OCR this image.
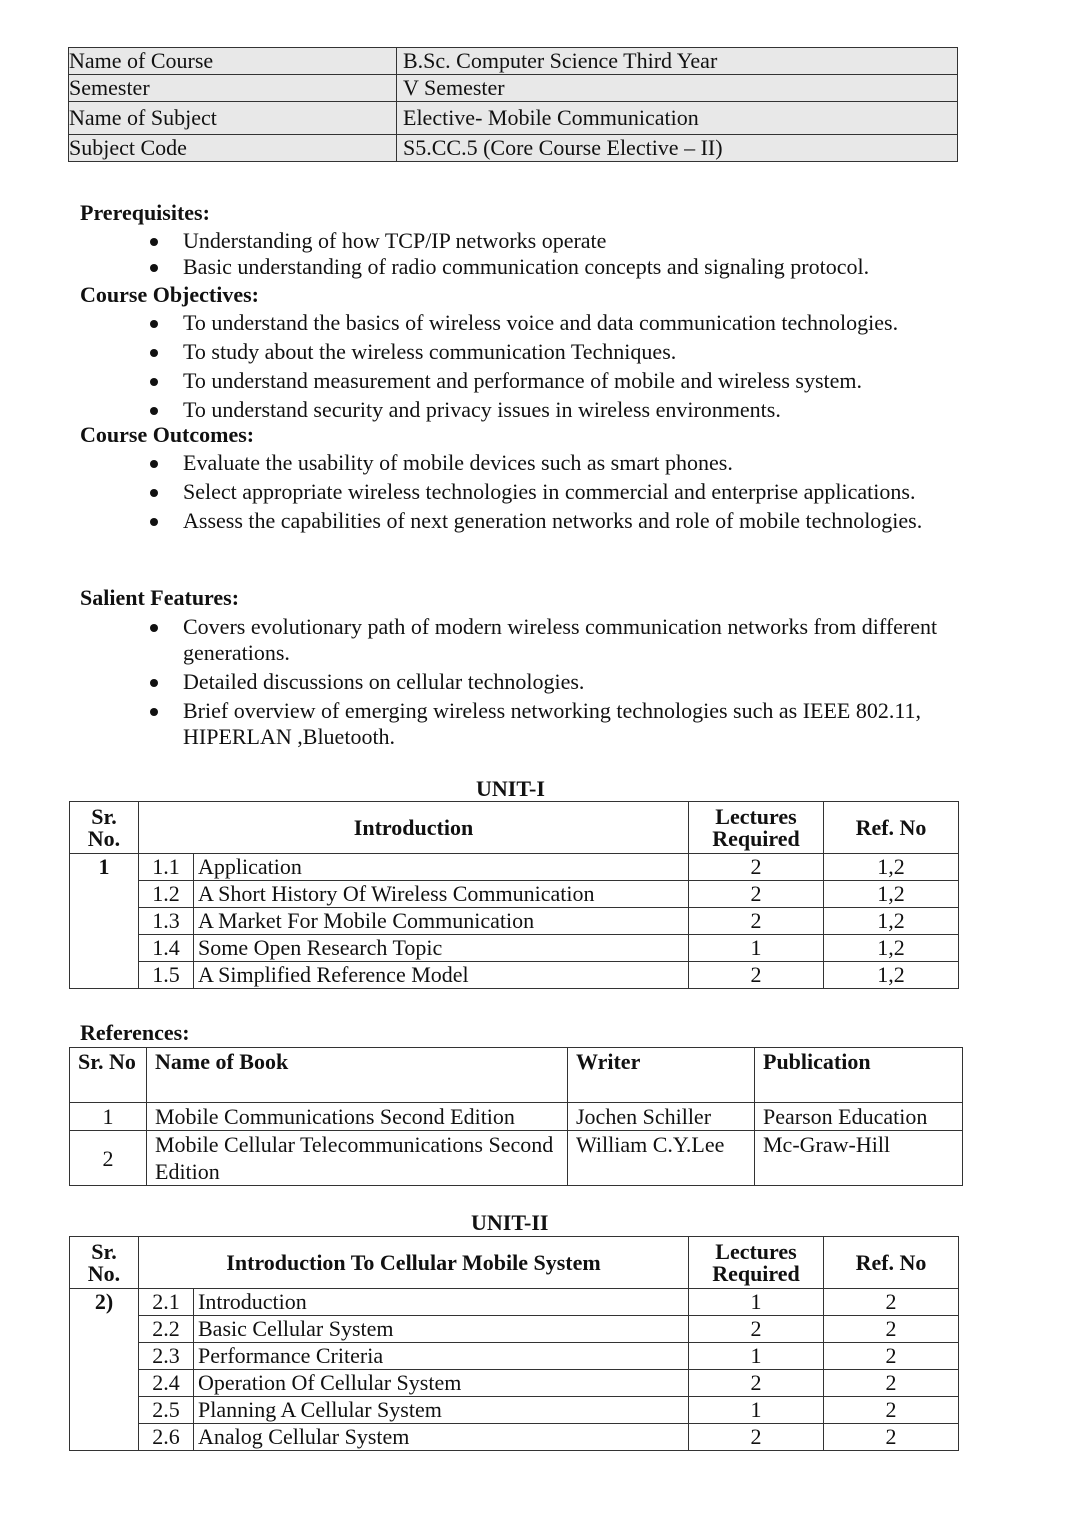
Name of Course	B.Sc. Computer Science Third Year
Semester	V Semester
Name of Subject	Elective- Mobile Communication
Subject Code	S5.CC.5 (Core Course Elective – II)
Prerequisites:
Understanding of how TCP/IP networks operate
Basic understanding of radio communication concepts and signaling protocol.
Course Objectives:
To understand the basics of wireless voice and data communication technologies.
To study about the wireless communication Techniques.
To understand measurement and performance of mobile and wireless system.
To understand security and privacy issues in wireless environments.
Course Outcomes:
Evaluate the usability of mobile devices such as smart phones.
Select appropriate wireless technologies in commercial and enterprise applications.
Assess the capabilities of next generation networks and role of mobile technologies.
Salient Features:
Covers evolutionary path of modern wireless communication networks from different generations.
Detailed discussions on cellular technologies.
Brief overview of emerging wireless networking technologies such as IEEE 802.11, HIPERLAN ,Bluetooth.
UNIT-I
Sr. No.	Introduction		Lectures Required	Ref. No
1	1.1	Application	2	1,2
	1.2	A Short History Of Wireless Communication	2	1,2
	1.3	A Market For Mobile Communication	2	1,2
	1.4	Some Open Research Topic	1	1,2
	1.5	A Simplified Reference Model	2	1,2
References:
Sr. No	Name of Book	Writer	Publication
1	Mobile Communications Second Edition	Jochen Schiller	Pearson Education
2	Mobile Cellular Telecommunications Second Edition	William C.Y.Lee	Mc-Graw-Hill
UNIT-II
Sr. No.	Introduction To Cellular Mobile System		Lectures Required	Ref. No
2)	2.1	Introduction	1	2
	2.2	Basic Cellular System	2	2
	2.3	Performance Criteria	1	2
	2.4	Operation Of Cellular System	2	2
	2.5	Planning A Cellular System	1	2
	2.6	Analog Cellular System	2	2
